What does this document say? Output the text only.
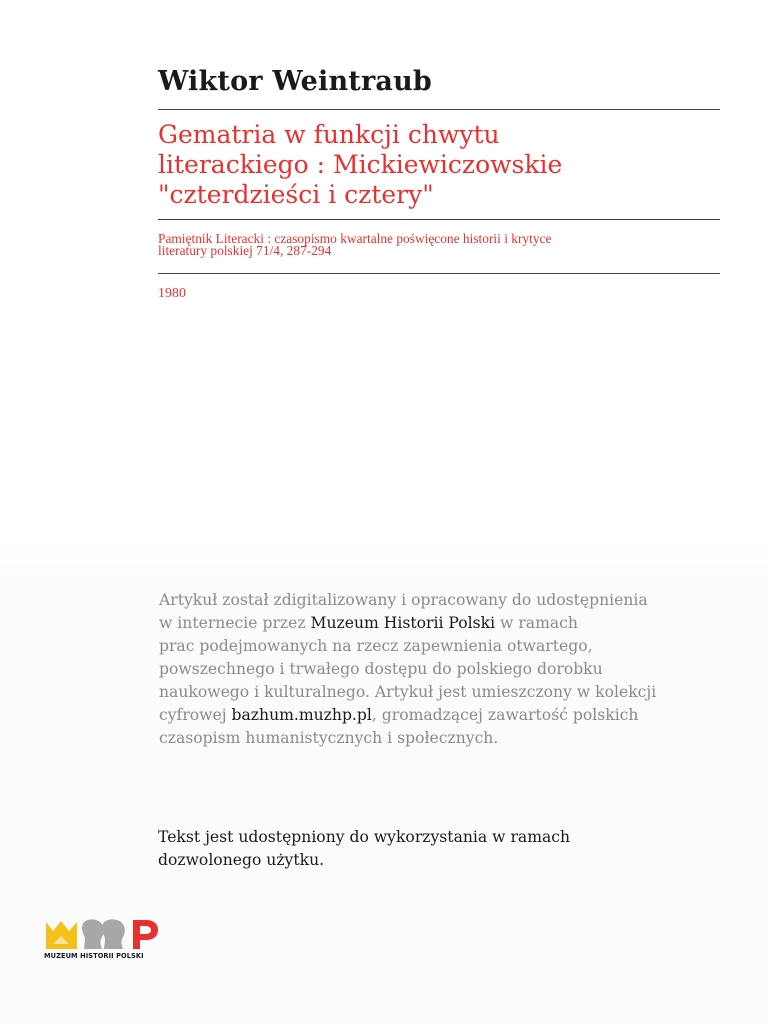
Wiktor Weintraub
Gematria w funkcji chwytu
literackiego : Mickiewiczowskie
"czterdzieści i cztery"
Pamiętnik Literacki : czasopismo kwartalne poświęcone historii i krytyce
literatury polskiej 71/4, 287-294
1980
Artykuł został zdigitalizowany i opracowany do udostępnienia
w internecie przez Muzeum Historii Polski w ramach
prac podejmowanych na rzecz zapewnienia otwartego,
powszechnego i trwałego dostępu do polskiego dorobku
naukowego i kulturalnego. Artykuł jest umieszczony w kolekcji
cyfrowej bazhum.muzhp.pl, gromadzącej zawartość polskich
czasopism humanistycznych i społecznych.
Tekst jest udostępniony do wykorzystania w ramach
dozwolonego użytku.
MUZEUM HISTORII POLSKI
